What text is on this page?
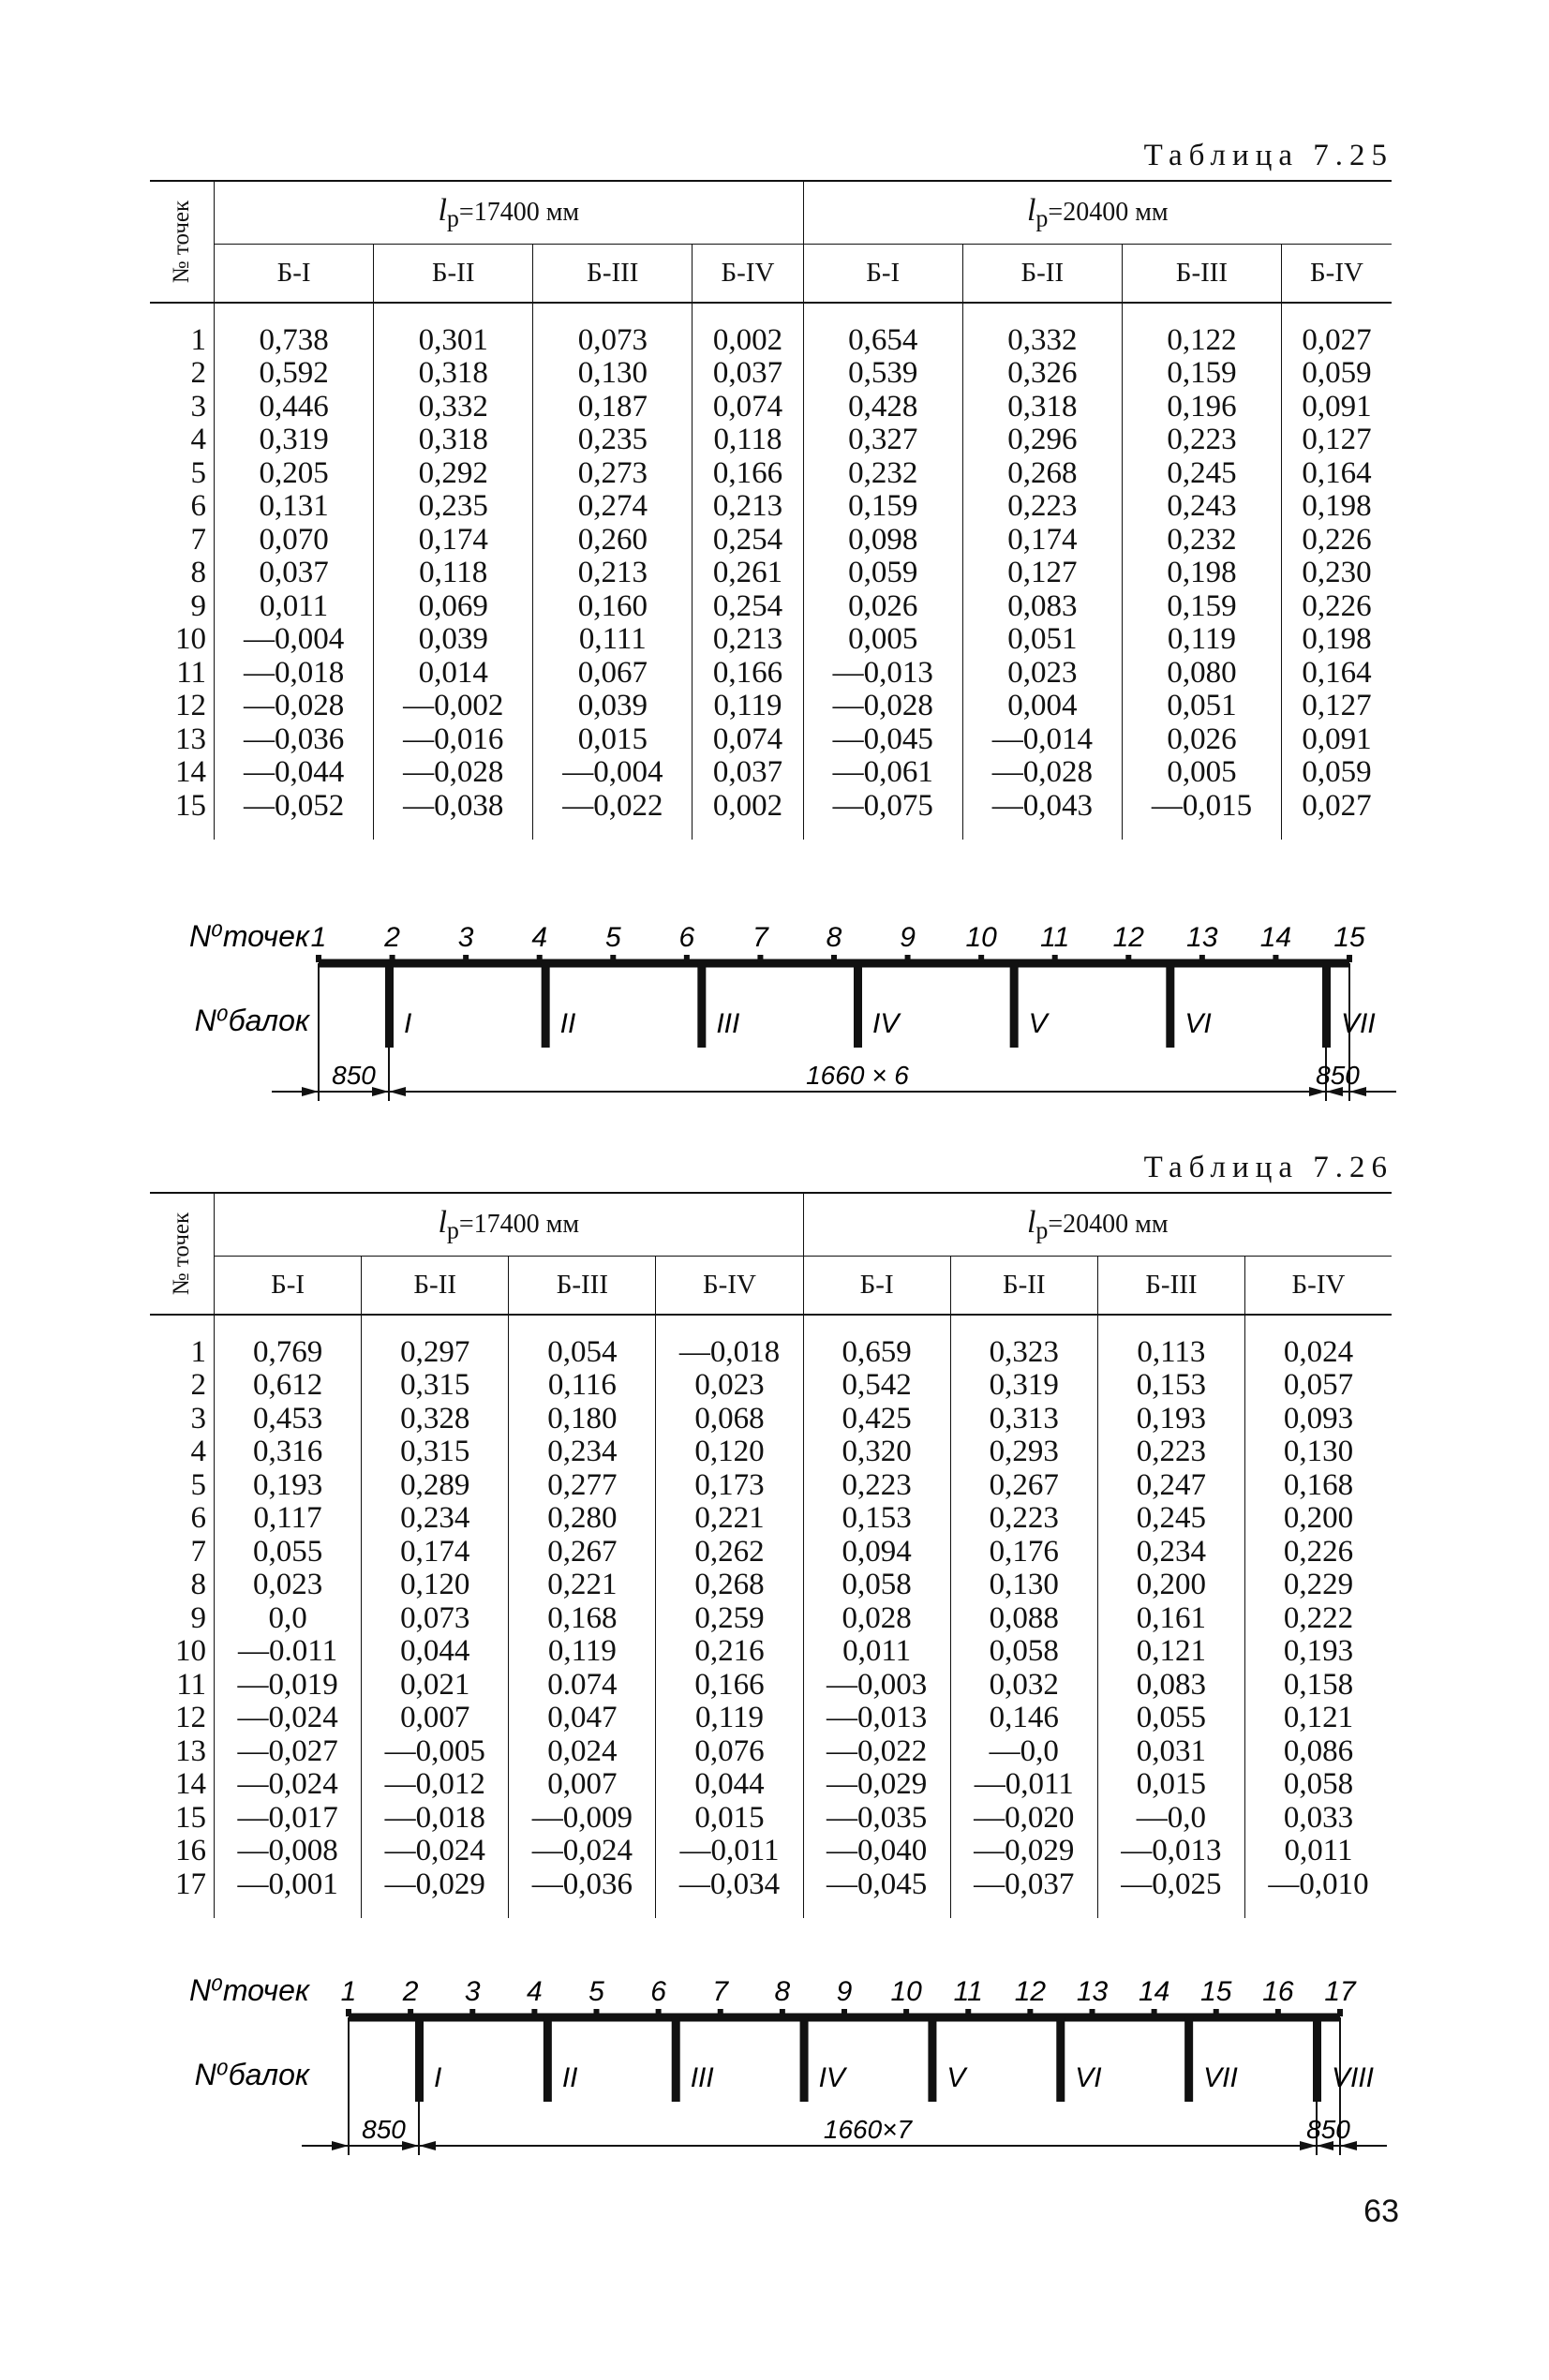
Таблица 7.25
№ точек	$l_р=17400$ мм				$l_р=20400$ мм			
	Б-I	Б-II	Б-III	Б-IV	Б-I	Б-II	Б-III	Б-IV
1	0,738	0,301	0,073	0,002	0,654	0,332	0,122	0,027
2	0,592	0,318	0,130	0,037	0,539	0,326	0,159	0,059
3	0,446	0,332	0,187	0,074	0,428	0,318	0,196	0,091
4	0,319	0,318	0,235	0,118	0,327	0,296	0,223	0,127
5	0,205	0,292	0,273	0,166	0,232	0,268	0,245	0,164
6	0,131	0,235	0,274	0,213	0,159	0,223	0,243	0,198
7	0,070	0,174	0,260	0,254	0,098	0,174	0,232	0,226
8	0,037	0,118	0,213	0,261	0,059	0,127	0,198	0,230
9	0,011	0,069	0,160	0,254	0,026	0,083	0,159	0,226
10	—0,004	0,039	0,111	0,213	0,005	0,051	0,119	0,198
11	—0,018	0,014	0,067	0,166	—0,013	0,023	0,080	0,164
12	—0,028	—0,002	0,039	0,119	—0,028	0,004	0,051	0,127
13	—0,036	—0,016	0,015	0,074	—0,045	—0,014	0,026	0,091
14	—0,044	—0,028	—0,004	0,037	—0,061	—0,028	0,005	0,059
15	—0,052	—0,038	—0,022	0,002	—0,075	—0,043	—0,015	0,027
N⁰точек
N⁰балок
1 2 3 4 5 6 7 8 9 10 11 12 13 14 15
I	II	III	IV	V	VI	VII
850	1660 × 6	850
Таблица 7.26
№ точек	$l_р=17400$ мм				$l_р=20400$ мм			
	Б-I	Б-II	Б-III	Б-IV	Б-I	Б-II	Б-III	Б-IV
1	0,769	0,297	0,054	—0,018	0,659	0,323	0,113	0,024
2	0,612	0,315	0,116	0,023	0,542	0,319	0,153	0,057
3	0,453	0,328	0,180	0,068	0,425	0,313	0,193	0,093
4	0,316	0,315	0,234	0,120	0,320	0,293	0,223	0,130
5	0,193	0,289	0,277	0,173	0,223	0,267	0,247	0,168
6	0,117	0,234	0,280	0,221	0,153	0,223	0,245	0,200
7	0,055	0,174	0,267	0,262	0,094	0,176	0,234	0,226
8	0,023	0,120	0,221	0,268	0,058	0,130	0,200	0,229
9	0,0	0,073	0,168	0,259	0,028	0,088	0,161	0,222
10	—0.011	0,044	0,119	0,216	0,011	0,058	0,121	0,193
11	—0,019	0,021	0.074	0,166	—0,003	0,032	0,083	0,158
12	—0,024	0,007	0,047	0,119	—0,013	0,146	0,055	0,121
13	—0,027	—0,005	0,024	0,076	—0,022	—0,0	0,031	0,086
14	—0,024	—0,012	0,007	0,044	—0,029	—0,011	0,015	0,058
15	—0,017	—0,018	—0,009	0,015	—0,035	—0,020	—0,0	0,033
16	—0,008	—0,024	—0,024	—0,011	—0,040	—0,029	—0,013	0,011
17	—0,001	—0,029	—0,036	—0,034	—0,045	—0,037	—0,025	—0,010
N⁰точек
N⁰балок
1 2 3 4 5 6 7 8 9 10 11 12 13 14 15 16 17
I	II	III	IV	V	VI	VII	VIII
850	1660×7	850
63
